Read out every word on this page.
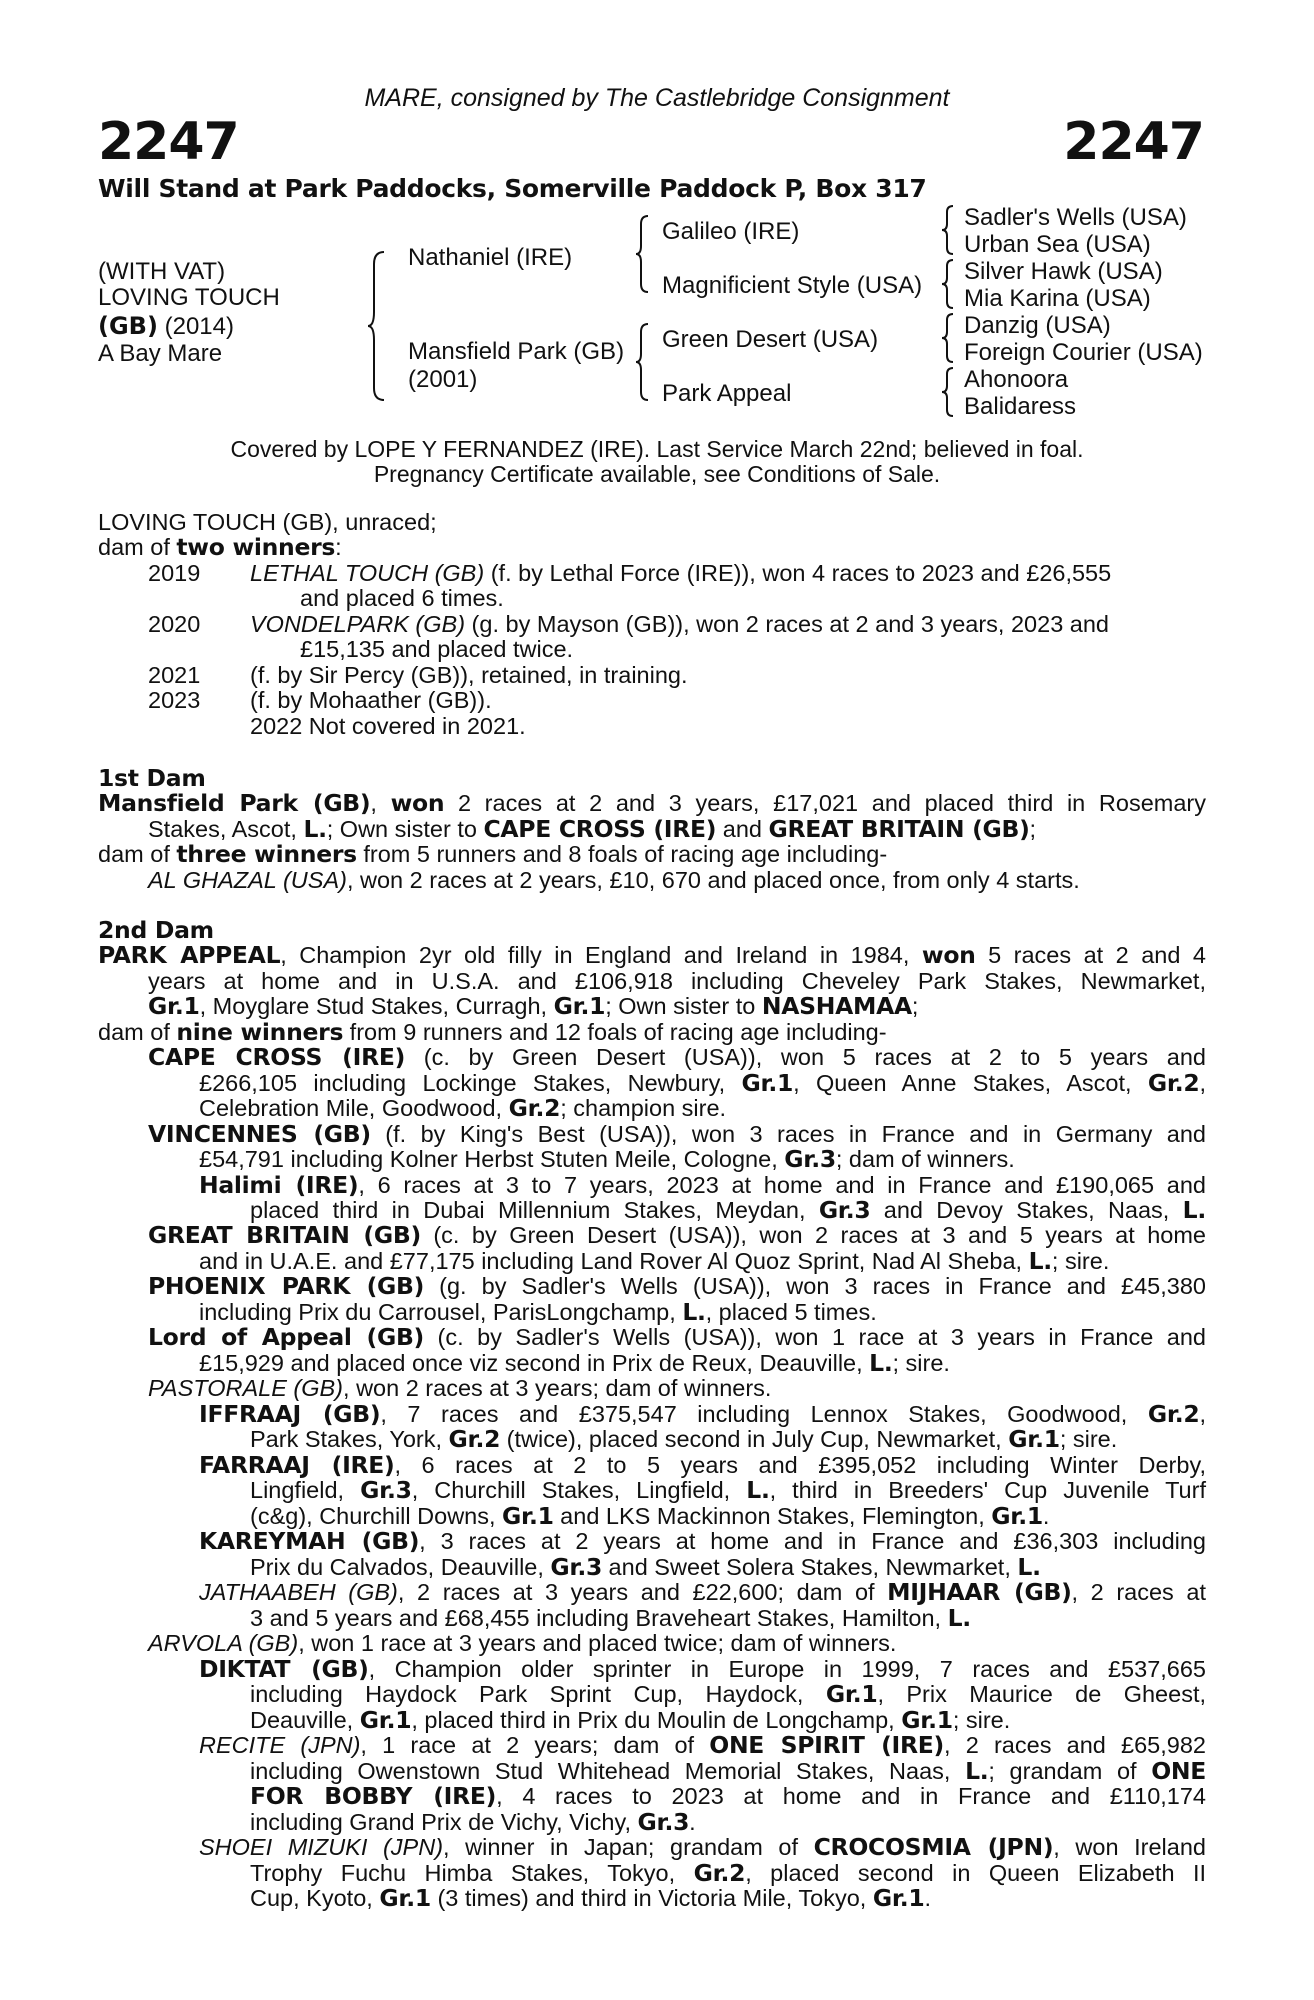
MARE, consigned by The Castlebridge Consignment
2247	2247
Will Stand at Park Paddocks, Somerville Paddock P, Box 317
(WITH VAT)
LOVING TOUCH
(GB) (2014)
A Bay Mare
Nathaniel (IRE)
Mansfield Park (GB)
(2001)
Galileo (IRE)
Magnificient Style (USA)
Green Desert (USA)
Park Appeal
Sadler's Wells (USA)
Urban Sea (USA)
Silver Hawk (USA)
Mia Karina (USA)
Danzig (USA)
Foreign Courier (USA)
Ahonoora
Balidaress
Covered by LOPE Y FERNANDEZ (IRE). Last Service March 22nd; believed in foal.
Pregnancy Certificate available, see Conditions of Sale.
LOVING TOUCH (GB), unraced;
dam of two winners:
2019 LETHAL TOUCH (GB) (f. by Lethal Force (IRE)), won 4 races to 2023 and £26,555
and placed 6 times.
2020 VONDELPARK (GB) (g. by Mayson (GB)), won 2 races at 2 and 3 years, 2023 and
£15,135 and placed twice.
2021 (f. by Sir Percy (GB)), retained, in training.
2023 (f. by Mohaather (GB)).
2022 Not covered in 2021.
1st Dam
Mansfield Park (GB), won 2 races at 2 and 3 years, £17,021 and placed third in Rosemary
Stakes, Ascot, L.; Own sister to CAPE CROSS (IRE) and GREAT BRITAIN (GB);
dam of three winners from 5 runners and 8 foals of racing age including-
AL GHAZAL (USA), won 2 races at 2 years, £10, 670 and placed once, from only 4 starts.
2nd Dam
PARK APPEAL, Champion 2yr old filly in England and Ireland in 1984, won 5 races at 2 and 4
years at home and in U.S.A. and £106,918 including Cheveley Park Stakes, Newmarket,
Gr.1, Moyglare Stud Stakes, Curragh, Gr.1; Own sister to NASHAMAA;
dam of nine winners from 9 runners and 12 foals of racing age including-
CAPE CROSS (IRE) (c. by Green Desert (USA)), won 5 races at 2 to 5 years and
£266,105 including Lockinge Stakes, Newbury, Gr.1, Queen Anne Stakes, Ascot, Gr.2,
Celebration Mile, Goodwood, Gr.2; champion sire.
VINCENNES (GB) (f. by King's Best (USA)), won 3 races in France and in Germany and
£54,791 including Kolner Herbst Stuten Meile, Cologne, Gr.3; dam of winners.
Halimi (IRE), 6 races at 3 to 7 years, 2023 at home and in France and £190,065 and
placed third in Dubai Millennium Stakes, Meydan, Gr.3 and Devoy Stakes, Naas, L.
GREAT BRITAIN (GB) (c. by Green Desert (USA)), won 2 races at 3 and 5 years at home
and in U.A.E. and £77,175 including Land Rover Al Quoz Sprint, Nad Al Sheba, L.; sire.
PHOENIX PARK (GB) (g. by Sadler's Wells (USA)), won 3 races in France and £45,380
including Prix du Carrousel, ParisLongchamp, L., placed 5 times.
Lord of Appeal (GB) (c. by Sadler's Wells (USA)), won 1 race at 3 years in France and
£15,929 and placed once viz second in Prix de Reux, Deauville, L.; sire.
PASTORALE (GB), won 2 races at 3 years; dam of winners.
IFFRAAJ (GB), 7 races and £375,547 including Lennox Stakes, Goodwood, Gr.2,
Park Stakes, York, Gr.2 (twice), placed second in July Cup, Newmarket, Gr.1; sire.
FARRAAJ (IRE), 6 races at 2 to 5 years and £395,052 including Winter Derby,
Lingfield, Gr.3, Churchill Stakes, Lingfield, L., third in Breeders' Cup Juvenile Turf
(c&g), Churchill Downs, Gr.1 and LKS Mackinnon Stakes, Flemington, Gr.1.
KAREYMAH (GB), 3 races at 2 years at home and in France and £36,303 including
Prix du Calvados, Deauville, Gr.3 and Sweet Solera Stakes, Newmarket, L.
JATHAABEH (GB), 2 races at 3 years and £22,600; dam of MIJHAAR (GB), 2 races at
3 and 5 years and £68,455 including Braveheart Stakes, Hamilton, L.
ARVOLA (GB), won 1 race at 3 years and placed twice; dam of winners.
DIKTAT (GB), Champion older sprinter in Europe in 1999, 7 races and £537,665
including Haydock Park Sprint Cup, Haydock, Gr.1, Prix Maurice de Gheest,
Deauville, Gr.1, placed third in Prix du Moulin de Longchamp, Gr.1; sire.
RECITE (JPN), 1 race at 2 years; dam of ONE SPIRIT (IRE), 2 races and £65,982
including Owenstown Stud Whitehead Memorial Stakes, Naas, L.; grandam of ONE
FOR BOBBY (IRE), 4 races to 2023 at home and in France and £110,174
including Grand Prix de Vichy, Vichy, Gr.3.
SHOEI MIZUKI (JPN), winner in Japan; grandam of CROCOSMIA (JPN), won Ireland
Trophy Fuchu Himba Stakes, Tokyo, Gr.2, placed second in Queen Elizabeth II
Cup, Kyoto, Gr.1 (3 times) and third in Victoria Mile, Tokyo, Gr.1.
